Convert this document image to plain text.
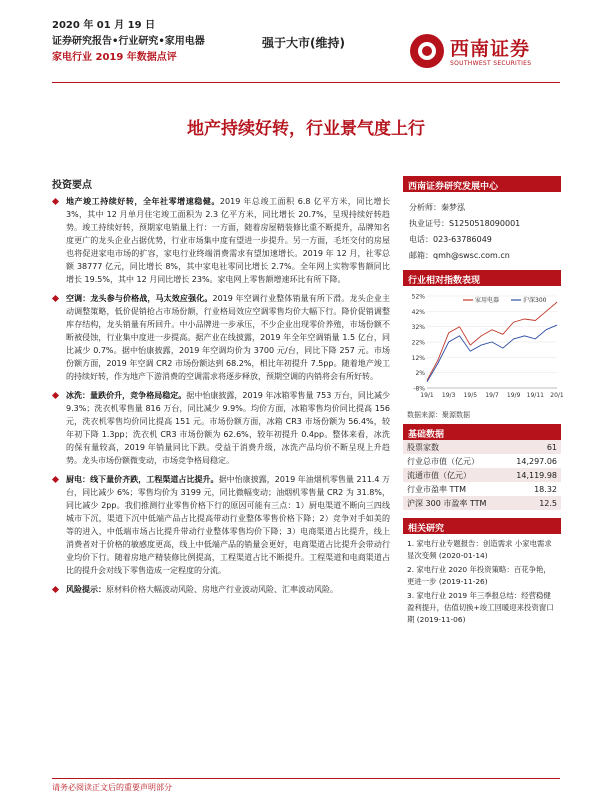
2020 年 01 月 19 日
证券研究报告•行业研究•家用电器
家电行业 2019 年数据点评
强于大市(维持)	西南证券
SOUTHWEST SECURITIES
地产持续好转，行业景气度上行
投资要点
地产竣工持续好转，全年社零增速稳健。2019 年总竣工面积 6.8 亿平方米，同比增长 3%，其中 12 月单月住宅竣工面积为 2.3 亿平方米，同比增长 20.7%，呈现持续好转趋势。竣工持续好转，预期家电销量上行：一方面，随着房屋精装修比重不断提升，品牌知名度更广的龙头企业占据优势，行业市场集中度有望进一步提升。另一方面，毛坯交付的房屋也将促进家电市场的扩容，家电行业终端消费需求有望加速增长。2019 年 12 月，社零总额 38777 亿元，同比增长 8%，其中家电社零同比增长 2.7%。全年网上实物零售额同比增长 19.5%，其中 12 月同比增长 23%。家电网上零售额增速环比有所下降。
空调：龙头参与价格战，马太效应强化。2019 年空调行业整体销量有所下滑。龙头企业主动调整策略，低价促销抢占市场份额，行业格局效应空调零售均价大幅下行。降价促销调整库存结构，龙头销量有所回升。中小品牌进一步承压，不少企业出现零价养殖，市场份额不断被侵蚀，行业集中度进一步提高。据产业在线披露，2019 年全年空调销量 1.5 亿台，同比减少 0.7%。据中怡康披露，2019 年空调均价为 3700 元/台，同比下降 257 元。市场份额方面，2019 年空调 CR2 市场份额达到 68.2%，相比年初提升 7.5pp。随着地产竣工的持续好转，作为地产下游消费的空调需求将逐步释放，预期空调的内销将会有所好转。
冰洗：量跌价升，竞争格局稳定。据中怡康披露，2019 年冰箱零售量 753 万台，同比减少 9.3%；洗衣机零售量 816 万台，同比减少 9.9%。均价方面，冰箱零售均价同比提高 156 元，洗衣机零售均价同比提高 151 元。市场份额方面，冰箱 CR3 市场份额为 56.4%，较年初下降 1.3pp；洗衣机 CR3 市场份额为 62.6%，较年初提升 0.4pp。整体来看，冰洗的保有量较高，2019 年销量同比下跌。受益于消费升级，冰洗产品均价不断呈现上升趋势。龙头市场份额微变动，市场竞争格局稳定。
厨电：线下量价齐跌，工程渠道占比提升。据中怡康披露，2019 年油烟机零售量 211.4 万台，同比减少 6%；零售均价为 3199 元，同比微幅变动；油烟机零售量 CR2 为 31.8%，同比减少 2pp。我们推测行业零售价格下行的原因可能有三点：1）厨电渠道不断向三四线城市下沉，渠道下沉中低端产品占比提高带动行业整体零售价格下降；2）竞争对手如美的等的进入，中低端市场占比提升带动行业整体零售均价下降；3）电商渠道占比提升，线上消费者对于价格的敏感度更高，线上中低端产品的销量会更好，电商渠道占比提升会带动行业均价下行。随着房地产精装修比例提高，工程渠道占比不断提升。工程渠道和电商渠道占比的提升会对线下零售造成一定程度的分流。
风险提示：原材料价格大幅波动风险、房地产行业波动风险、汇率波动风险。
西南证券研究发展中心
分析师：秦梦泓
执业证号：S1250518090001
电话：023-63786049
邮箱：qmh@swsc.com.cn
行业相对指数表现
-8%
2%
12%
22%
32%
42%
52%
19/1 19/3 19/5 19/7 19/9 19/11 20/1
家用电器	沪深300
数据来源：聚源数据
基础数据
股票家数	61
行业总市值（亿元）	14,297.06
流通市值（亿元）	14,119.98
行业市盈率 TTM	18.32
沪深 300 市盈率 TTM	12.5
相关研究
1. 家电行业专题报告：创造需求 小家电需求显次变频 (2020-01-14)
2. 家电行业 2020 年投资策略：百花争艳，更进一步 (2019-11-26)
3. 家电行业 2019 年三季报总结：经营稳健盈利提升，估值切换+竣工回暖迎来投资窗口期 (2019-11-06)
请务必阅读正文后的重要声明部分
